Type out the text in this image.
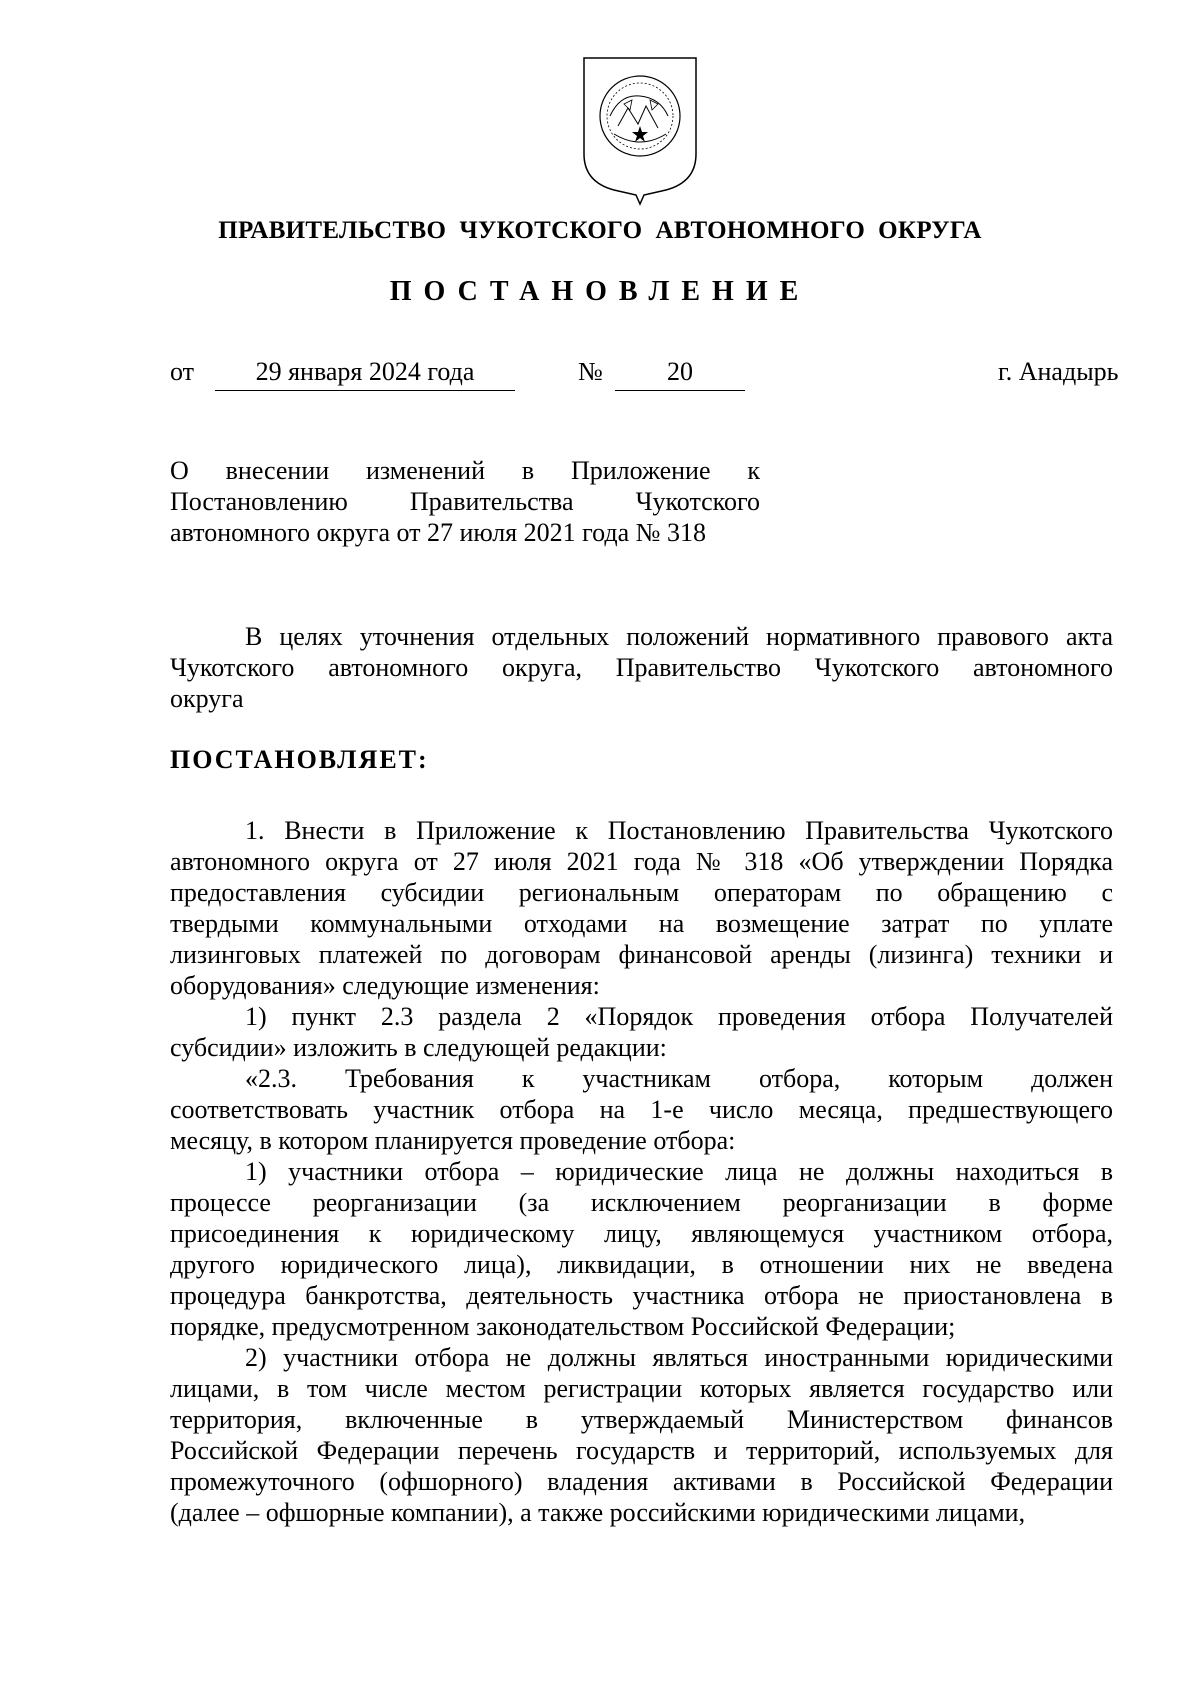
ПРАВИТЕЛЬСТВО  ЧУКОТСКОГО  АВТОНОМНОГО  ОКРУГА
ПОСТАНОВЛЕНИЕ
от	29 января 2024 года	№	20	г. Анадырь
О внесении изменений в Приложение к
Постановлению Правительства Чукотского
автономного округа от 27 июля 2021 года № 318
В целях уточнения отдельных положений нормативного правового акта
Чукотского автономного округа, Правительство Чукотского автономного
округа
ПОСТАНОВЛЯЕТ:
1. Внести в Приложение к Постановлению Правительства Чукотского
автономного округа от 27 июля 2021 года № 318 «Об утверждении Порядка
предоставления субсидии региональным операторам по обращению с
твердыми коммунальными отходами на возмещение затрат по уплате
лизинговых платежей по договорам финансовой аренды (лизинга) техники и
оборудования» следующие изменения:
1) пункт 2.3 раздела 2 «Порядок проведения отбора Получателей
субсидии» изложить в следующей редакции:
«2.3. Требования к участникам отбора, которым должен
соответствовать участник отбора на 1-е число месяца, предшествующего
месяцу, в котором планируется проведение отбора:
1) участники отбора – юридические лица не должны находиться в
процессе реорганизации (за исключением реорганизации в форме
присоединения к юридическому лицу, являющемуся участником отбора,
другого юридического лица), ликвидации, в отношении них не введена
процедура банкротства, деятельность участника отбора не приостановлена в
порядке, предусмотренном законодательством Российской Федерации;
2) участники отбора не должны являться иностранными юридическими
лицами, в том числе местом регистрации которых является государство или
территория, включенные в утверждаемый Министерством финансов
Российской Федерации перечень государств и территорий, используемых для
промежуточного (офшорного) владения активами в Российской Федерации
(далее – офшорные компании), а также российскими юридическими лицами,
